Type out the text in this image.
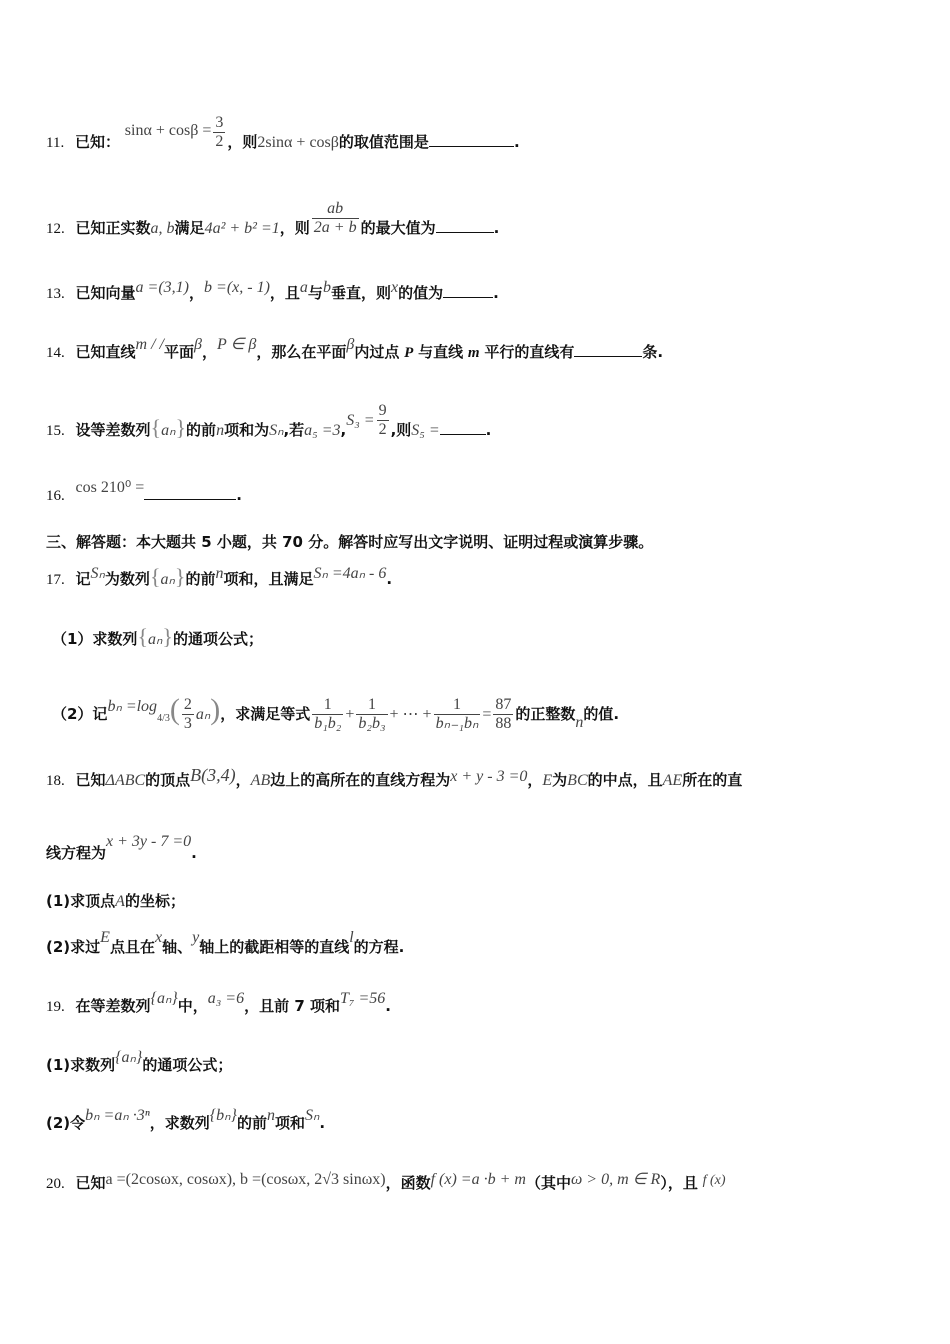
11. 已知： $\sin\alpha + \cos\beta = \frac{3}{2}$ ，则2sinα + cosβ的取值范围是	.
12. 已知正实数a, b满足4a² + b² =1，则 $\frac{ab}{2a + b}$ 的最大值为	.
13. 已知向量a =(3,1)，b =(x, - 1)，且a与b垂直，则x的值为	.
14. 已知直线m / /平面β，P ∈ β，那么在平面β内过点 P 与直线 m 平行的直线有	条.
15. 设等差数列{aₙ}的前n项和为Sₙ,若$a_5 =3,S_3 = \frac{9}{2}$ ,则S₅ =	.
16. cos 210⁰ =	.
三、解答题：本大题共 5 小题，共 70 分。解答时应写出文字说明、证明过程或演算步骤。
17. 记Sₙ为数列{aₙ}的前n项和，且满足Sₙ =4aₙ - 6.
（1）求数列{aₙ}的通项公式；
（2）记$b_n =\log 4/3( \frac{2}{3} a_n)$，求满足等式 $\frac{1}{\text{b₁b₂}} + \frac{1}{\text{b₂b₃}}$ + ⋯ + $\frac{1}{\text{bₙ₋₁bₙ}} = \frac{87}{88}$ 的正整数n的值.
18. 已知ΔABC的顶点B(3,4)，AB边上的高所在的直线方程为x + y - 3 =0，E为BC的中点，且AE所在的直
线方程为x + 3y - 7 =0.
(1)求顶点A的坐标；
(2)求过E点且在x轴、y轴上的截距相等的直线l的方程.
19. 在等差数列{aₙ}中，a₃ =6，且前 7 项和T₇ =56.
(1)求数列{aₙ}的通项公式；
(2)令bₙ =aₙ ·3ⁿ，求数列{bₙ}的前n项和Sₙ.
20. 已知a =(2cosωx, cosωx), b =(cosωx, 2√3 sinωx)，函数f (x) =a ·b + m（其中ω > 0, m ∈ R），且 f (x)
